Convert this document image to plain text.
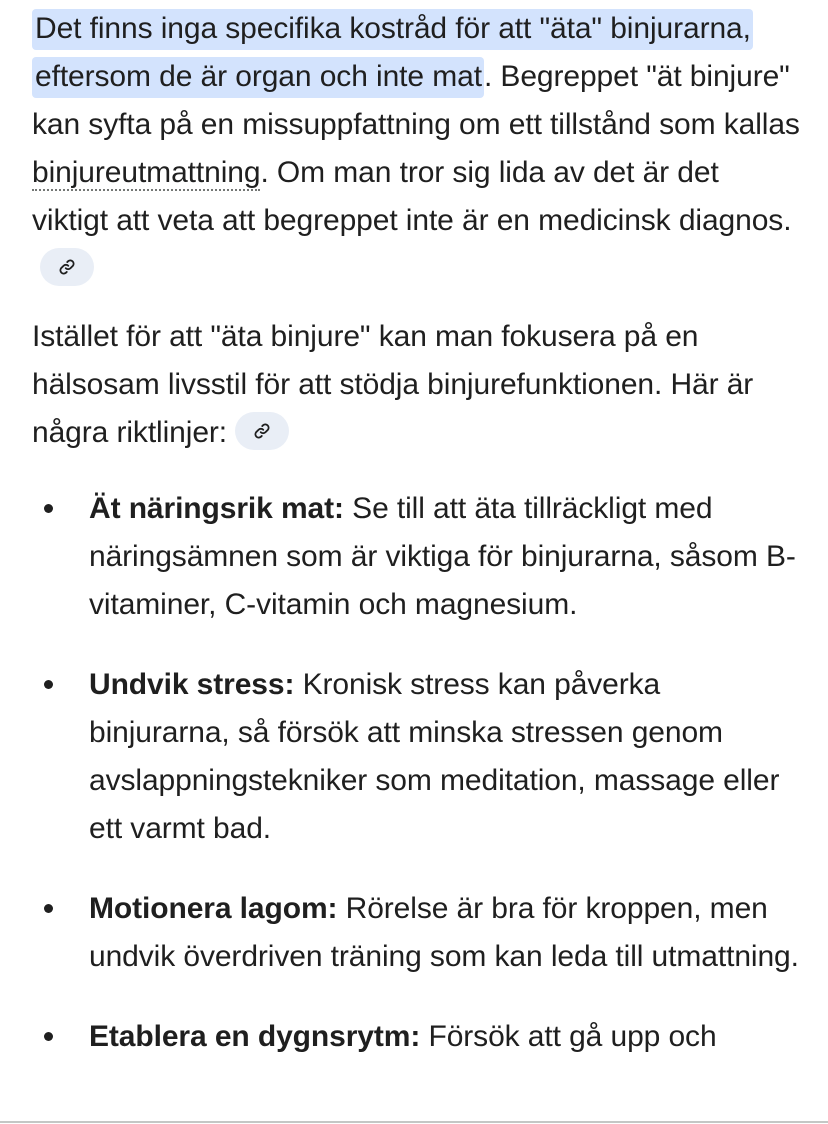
Det finns inga specifika kostråd för att "äta" binjurarna, eftersom de är organ och inte mat. Begreppet "ät binjure" kan syfta på en missuppfattning om ett tillstånd som kallas binjureutmattning. Om man tror sig lida av det är det viktigt att veta att begreppet inte är en medicinsk diagnos.

Istället för att "äta binjure" kan man fokusera på en hälsosam livsstil för att stödja binjurefunktionen. Här är några riktlinjer:

Ät näringsrik mat: Se till att äta tillräckligt med näringsämnen som är viktiga för binjurarna, såsom B-vitaminer, C-vitamin och magnesium.
Undvik stress: Kronisk stress kan påverka binjurarna, så försök att minska stressen genom avslappningstekniker som meditation, massage eller ett varmt bad.
Motionera lagom: Rörelse är bra för kroppen, men undvik överdriven träning som kan leda till utmattning.
Etablera en dygnsrytm: Försök att gå upp och
